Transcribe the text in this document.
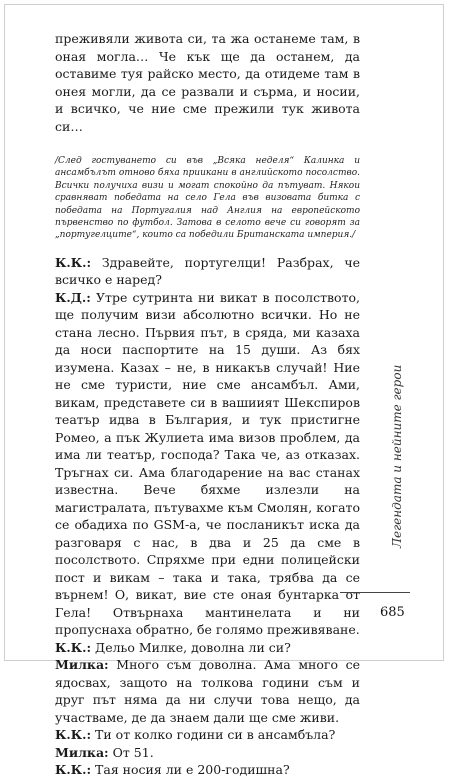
преживяли живота си, та жа останеме там, в оная могла… Че кък ще да останем, да оставиме туя райско место, да отидеме там в онея могли, да се развали и сърма, и носии, и всичко, че ние сме прежили тук живота си…

/След гостуването си във „Всяка неделя“ Калинка и ансамбълът отново бяха приикани в английското посолство. Всички получиха визи и могат спокойно да пътуват. Някои сравняват победата на село Гела във визовата битка с победата на Португалия над Англия на европейското първенство по футбол. Затова в селото вече си говорят за „португелците“, които са победили Британската империя./

К.К.: Здравейте, португелци! Разбрах, че всичко е наред?
К.Д.: Утре сутринта ни викат в посолството, ще получим визи абсолютно всички. Но не стана лесно. Първия път, в сряда, ми казаха да носи паспортите на 15 души. Аз бях изумена. Казах – не, в никакъв случай! Ние не сме туристи, ние сме ансамбъл. Ами, викам, представете си в вашиият Шекспиров театър идва в България, и тук пристигне Ромео, а пък Жулиета има визов проблем, да има ли театър, господа? Така че, аз отказах. Тръгнах си. Ама благодарение на вас станах известна. Вече бяхме излезли на магистралата, пътувахме към Смолян, когато се обадиха по GSM-а, че посланикът иска да разговаря с нас, в два и 25 да сме в посолството. Спряхме при едни полицейски пост и викам – така и така, трябва да се върнем! О, викат, вие сте оная бунтарка от Гела! Отвърнаха мантинелата и ни пропуснаха обратно, бе голямо преживяване.
К.К.: Дельо Милке, доволна ли си?
Милка: Много съм доволна. Ама много се ядосвах, защото на толкова години съм и друг път няма да ни случи това нещо, да участваме, де да знаем дали ще сме живи.
К.К.: Ти от колко години си в ансамбъла?
Милка: От 51.
К.К.: Тая носия ли е 200-годишна?
Легендата и нейните герои
685
